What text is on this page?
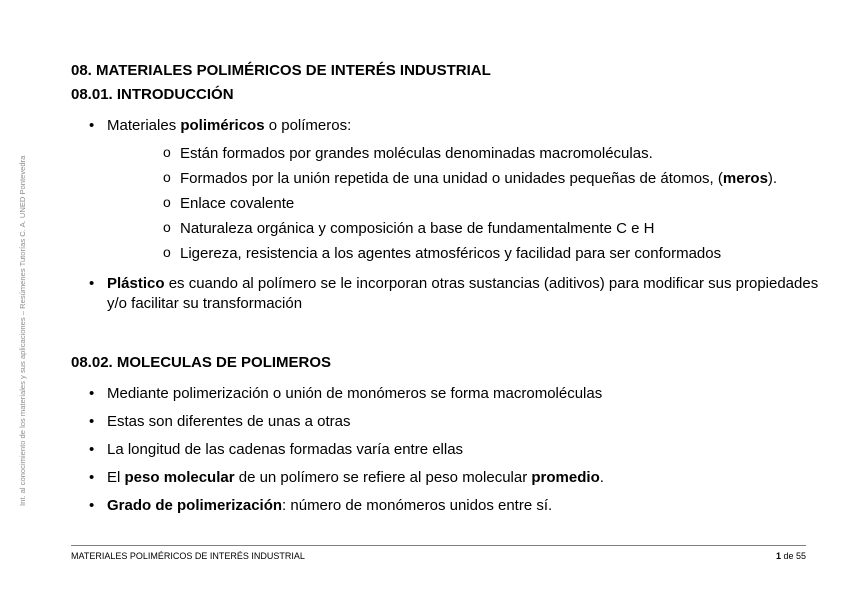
Int. al conocimiento de los materiales y sus aplicaciones – Resúmenes Tutorías C. A. UNED Pontevedra
08. MATERIALES POLIMÉRICOS DE INTERÉS INDUSTRIAL
08.01. INTRODUCCIÓN
• Materiales poliméricos o polímeros:
o Están formados por grandes moléculas denominadas macromoléculas.
o Formados por la unión repetida de una unidad o unidades pequeñas de átomos, (meros).
o Enlace covalente
o Naturaleza orgánica y composición a base de fundamentalmente C e H
o Ligereza, resistencia a los agentes atmosféricos y facilidad para ser conformados
• Plástico es cuando al polímero se le incorporan otras sustancias (aditivos) para modificar sus propiedades y/o facilitar su transformación
08.02. MOLECULAS DE POLIMEROS
• Mediante polimerización o unión de monómeros se forma macromoléculas
• Estas son diferentes de unas a otras
• La longitud de las cadenas formadas varía entre ellas
• El peso molecular de un polímero se refiere al peso molecular promedio.
• Grado de polimerización: número de monómeros unidos entre sí.
MATERIALES POLIMÉRICOS DE INTERÉS INDUSTRIAL	1 de 55
